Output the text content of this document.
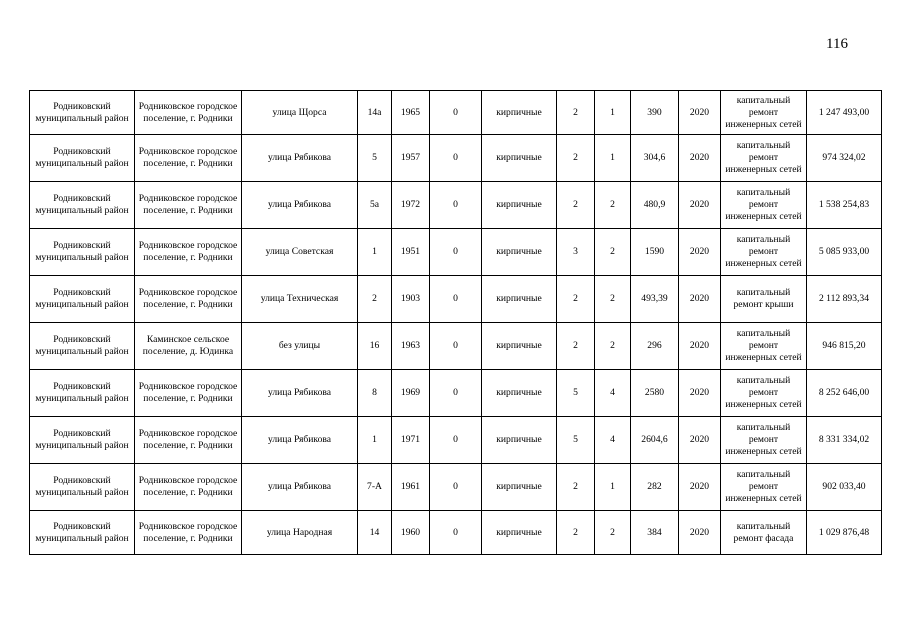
116
Родниковский муниципальный район	Родниковское городское поселение, г. Родники	улица Щорса	14а	1965	0	кирпичные	2	1	390	2020	капитальный ремонт инженерных сетей	1 247 493,00
Родниковский муниципальный район	Родниковское городское поселение, г. Родники	улица Рябикова	5	1957	0	кирпичные	2	1	304,6	2020	капитальный ремонт инженерных сетей	974 324,02
Родниковский муниципальный район	Родниковское городское поселение, г. Родники	улица Рябикова	5а	1972	0	кирпичные	2	2	480,9	2020	капитальный ремонт инженерных сетей	1 538 254,83
Родниковский муниципальный район	Родниковское городское поселение, г. Родники	улица Советская	1	1951	0	кирпичные	3	2	1590	2020	капитальный ремонт инженерных сетей	5 085 933,00
Родниковский муниципальный район	Родниковское городское поселение, г. Родники	улица Техническая	2	1903	0	кирпичные	2	2	493,39	2020	капитальный ремонт крыши	2 112 893,34
Родниковский муниципальный район	Каминское сельское поселение, д. Юдинка	без улицы	16	1963	0	кирпичные	2	2	296	2020	капитальный ремонт инженерных сетей	946 815,20
Родниковский муниципальный район	Родниковское городское поселение, г. Родники	улица Рябикова	8	1969	0	кирпичные	5	4	2580	2020	капитальный ремонт инженерных сетей	8 252 646,00
Родниковский муниципальный район	Родниковское городское поселение, г. Родники	улица Рябикова	1	1971	0	кирпичные	5	4	2604,6	2020	капитальный ремонт инженерных сетей	8 331 334,02
Родниковский муниципальный район	Родниковское городское поселение, г. Родники	улица Рябикова	7-А	1961	0	кирпичные	2	1	282	2020	капитальный ремонт инженерных сетей	902 033,40
Родниковский муниципальный район	Родниковское городское поселение, г. Родники	улица Народная	14	1960	0	кирпичные	2	2	384	2020	капитальный ремонт фасада	1 029 876,48
